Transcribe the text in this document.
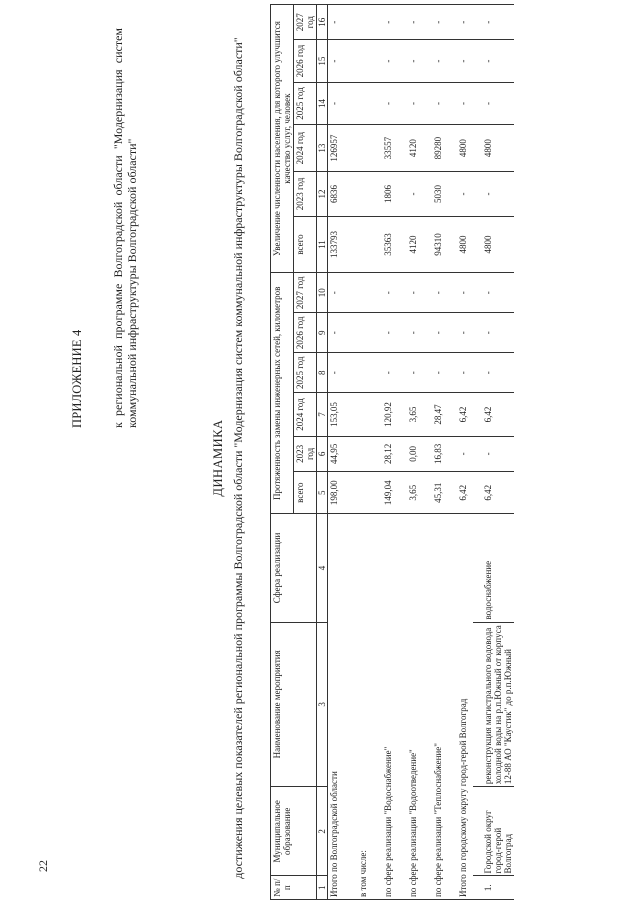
22
ПРИЛОЖЕНИЕ 4 к региональной программе Волгоградской области "Модернизация систем коммунальной инфраструктуры Волгоградской области"
ДИНАМИКА достижения целевых показателей региональной программы Волгоградской области "Модернизация систем коммунальной инфраструктуры Волгоградской области"
№ п/п	Муниципальное образование	Наименование мероприятия	Сфера реализации	Протяженность замены инженерных сетей, километров						Увеличение численности населения, для которого улучшится качество услуг, человек					
				всего	2023 год	2024 год	2025 год	2026 год	2027 год	всего	2023 год	2024 год	2025 год	2026 год	2027 год
1	2	3	4	5	6	7	8	9	10	11	12	13	14	15	16
Итого по Волгоградской области				198,00	44,95	153,05	-	-	-	133793	6836	126957	-	-	-
в том числе:															
по сфере реализации "Водоснабжение"				149,04	28,12	120,92	-	-	-	35363	1806	33557	-	-	-
по сфере реализации "Водоотведение"				3,65	0,00	3,65	-	-	-	4120	-	4120	-	-	-
по сфере реализации "Теплоснабжение"				45,31	16,83	28,47	-	-	-	94310	5030	89280	-	-	-
Итого по городскому округу город-герой Волгоград				6,42	-	6,42	-	-	-	4800	-	4800	-	-	-
1.	Городской округ город-герой Волгоград	реконструкция магистрального водовода холодной воды на р.п.Южный от корпуса 12-88 АО "Каустик" до р.п.Южный	водоснабжение	6,42	-	6,42	-	-	-	4800	-	4800	-	-	-
